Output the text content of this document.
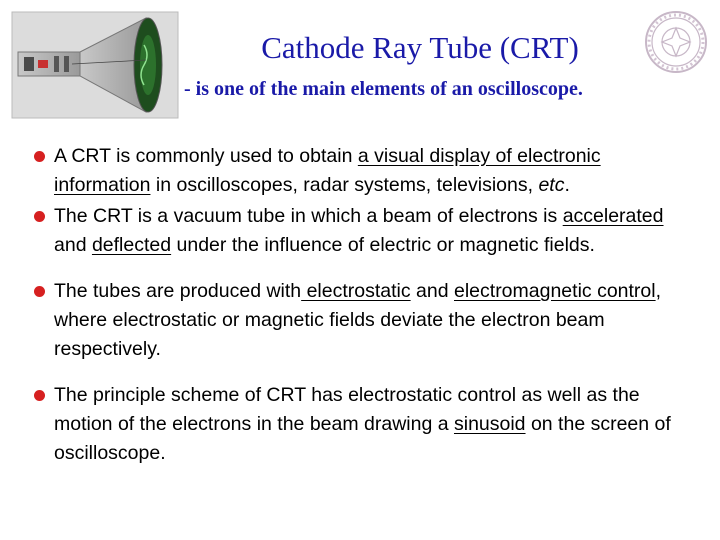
Cathode Ray Tube (CRT)
- is one of the main elements of an oscilloscope.
A CRT is commonly used to obtain a visual display of electronic information in oscilloscopes, radar systems, televisions, etc.
The CRT is a vacuum tube in which a beam of electrons is accelerated and deflected under the influence of electric or magnetic fields.
The tubes are produced with electrostatic and electromagnetic control, where electrostatic or magnetic fields deviate the electron beam respectively.
The principle scheme of CRT has electrostatic control as well as the motion of the electrons in the beam drawing a sinusoid on the screen of oscilloscope.
